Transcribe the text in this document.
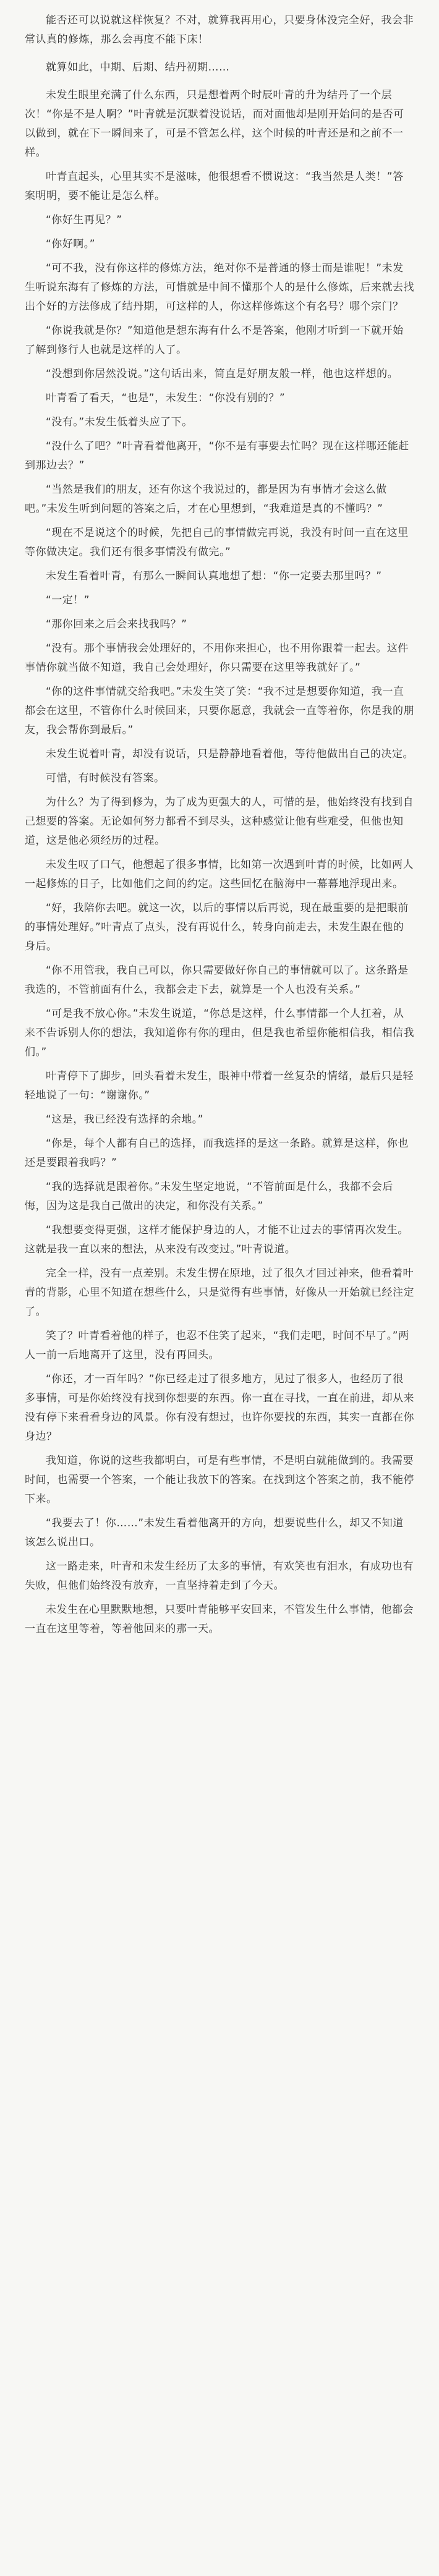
能否还可以说就这样恢复？不对，就算我再用心，只要身体没完全好，我会非常认真的修炼，那么会再度不能下床！

就算如此，中期、后期、结丹初期……

未发生眼里充满了什么东西，只是想着两个时辰叶青的升为结丹了一个层次！“你是不是人啊？”叶青就是沉默着没说话，而对面他却是刚开始问的是否可以做到，就在下一瞬间来了，可是不管怎么样，这个时候的叶青还是和之前不一样。

叶青直起头，心里其实不是滋味，他很想看不惯说这：“我当然是人类！”答案明明，要不能让是怎么样。

“你好生再见？”

“你好啊。”

“可不我，没有你这样的修炼方法，绝对你不是普通的修士而是谁呢！”未发生听说东海有了修炼的方法，可惜就是中间不懂那个人的是什么修炼，后来就去找出个好的方法修成了结丹期，可这样的人，你这样修炼这个有名号？哪个宗门？

“你说我就是你？”知道他是想东海有什么不是答案，他刚才听到一下就开始了解到修行人也就是这样的人了。

“没想到你居然没说。”这句话出来，简直是好朋友般一样，他也这样想的。

叶青看了看天，“也是”，未发生：“你没有别的？”

“没有。”未发生低着头应了下。

“没什么了吧？”叶青看着他离开，“你不是有事要去忙吗？现在这样哪还能赶到那边去？”

“当然是我们的朋友，还有你这个我说过的，都是因为有事情才会这么做吧。”未发生听到问题的答案之后，才在心里想到，“我难道是真的不懂吗？”

“现在不是说这个的时候，先把自己的事情做完再说，我没有时间一直在这里等你做决定。我们还有很多事情没有做完。”

未发生看着叶青，有那么一瞬间认真地想了想：“你一定要去那里吗？”

“一定！”

“那你回来之后会来找我吗？”

“没有。那个事情我会处理好的，不用你来担心，也不用你跟着一起去。这件事情你就当做不知道，我自己会处理好，你只需要在这里等我就好了。”

“你的这件事情就交给我吧。”未发生笑了笑：“我不过是想要你知道，我一直都会在这里，不管你什么时候回来，只要你愿意，我就会一直等着你，你是我的朋友，我会帮你到最后。”

未发生说着叶青，却没有说话，只是静静地看着他，等待他做出自己的决定。

可惜，有时候没有答案。

为什么？为了得到修为，为了成为更强大的人，可惜的是，他始终没有找到自己想要的答案。无论如何努力都看不到尽头，这种感觉让他有些难受，但他也知道，这是他必须经历的过程。

未发生叹了口气，他想起了很多事情，比如第一次遇到叶青的时候，比如两人一起修炼的日子，比如他们之间的约定。这些回忆在脑海中一幕幕地浮现出来。

“好，我陪你去吧。就这一次，以后的事情以后再说，现在最重要的是把眼前的事情处理好。”叶青点了点头，没有再说什么，转身向前走去，未发生跟在他的身后。

“你不用管我，我自己可以，你只需要做好你自己的事情就可以了。这条路是我选的，不管前面有什么，我都会走下去，就算是一个人也没有关系。”

“可是我不放心你。”未发生说道，“你总是这样，什么事情都一个人扛着，从来不告诉别人你的想法，我知道你有你的理由，但是我也希望你能相信我，相信我们。”

叶青停下了脚步，回头看着未发生，眼神中带着一丝复杂的情绪，最后只是轻轻地说了一句：“谢谢你。”

“这是，我已经没有选择的余地。”

“你是，每个人都有自己的选择，而我选择的是这一条路。就算是这样，你也还是要跟着我吗？”

“我的选择就是跟着你。”未发生坚定地说，“不管前面是什么，我都不会后悔，因为这是我自己做出的决定，和你没有关系。”

“我想要变得更强，这样才能保护身边的人，才能不让过去的事情再次发生。这就是我一直以来的想法，从来没有改变过。”叶青说道。

完全一样，没有一点差别。未发生愣在原地，过了很久才回过神来，他看着叶青的背影，心里不知道在想些什么，只是觉得有些事情，好像从一开始就已经注定了。

笑了？叶青看着他的样子，也忍不住笑了起来，“我们走吧，时间不早了。”两人一前一后地离开了这里，没有再回头。

“你还，才一百年吗？”你已经走过了很多地方，见过了很多人，也经历了很多事情，可是你始终没有找到你想要的东西。你一直在寻找，一直在前进，却从来没有停下来看看身边的风景。你有没有想过，也许你要找的东西，其实一直都在你身边？

我知道，你说的这些我都明白，可是有些事情，不是明白就能做到的。我需要时间，也需要一个答案，一个能让我放下的答案。在找到这个答案之前，我不能停下来。

“我要去了！你……”未发生看着他离开的方向，想要说些什么，却又不知道该怎么说出口。

这一路走来，叶青和未发生经历了太多的事情，有欢笑也有泪水，有成功也有失败，但他们始终没有放弃，一直坚持着走到了今天。

未发生在心里默默地想，只要叶青能够平安回来，不管发生什么事情，他都会一直在这里等着，等着他回来的那一天。
